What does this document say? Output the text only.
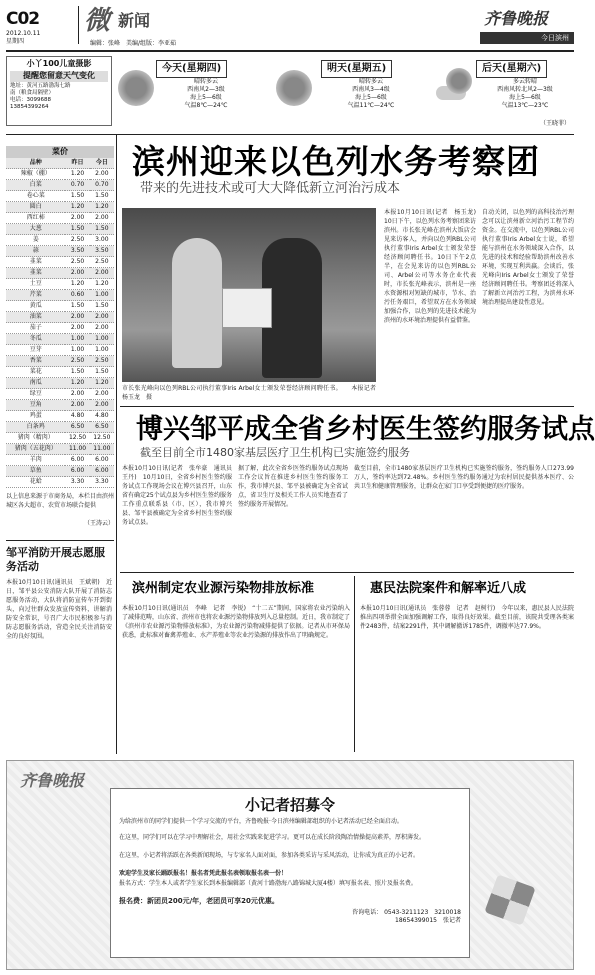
C02
2012.10.11
星期四
微 新闻
编辑：张峰　美编/组版：李亚茹
齐鲁晚报
今日滨州
小丫100儿童摄影
提醒您留意天气变化
地址：黄河五路渤海七路
南（粮食局隔壁）
电话：3099688
13854399264
今天(星期四)
晴转多云
西南风2—3级
海上5—6级
气温8℃—24℃
明天(星期五)
晴转多云
西南风3—4级
海上5—6级
气温11℃—24℃
后天(星期六)
多云转晴
西南风转北风2—3级
海上5—6级
气温13℃—23℃
（王晓菲）
菜价
品种	昨日	今日
辣椒（棚）	1.20	2.00
白菜	0.70	0.70
卷心菜	1.50	1.50
圆白	1.20	1.20
西红柿	2.00	2.00
大葱	1.50	1.50
姜	2.50	3.00
蒜	3.50	3.50
韭菜	2.50	2.50
韭菜	2.00	2.00
土豆	1.20	1.20
芹菜	0.60	1.00
黄瓜	1.50	1.50
油菜	2.00	2.00
茄子	2.00	2.00
冬瓜	1.00	1.00
豆芽	1.00	1.00
香菜	2.50	2.50
菜花	1.50	1.50
南瓜	1.20	1.20
绿豆	2.00	2.00
豆角	2.00	2.00
鸡蛋	4.80	4.80
白条鸡	6.50	6.50
猪肉（精肉）	12.50	12.50
猪肉（五花肉）	11.00	11.00
羊肉	6.00	6.00
草鱼	6.00	6.00
花蛤	3.30	3.30
以上信息来源于市商务局，本栏目由滨州城区各大超市、农贸市场联合提供
（王涛云）
邹平消防开展志愿服务活动
本报10月10日讯(通讯员　王斌朝)　近日，邹平县公安消防大队开展了消防志愿服务活动，大队将消防宣传车开到街头，向过往群众发放宣传资料，讲解消防安全常识，号召广大市民积极参与消防志愿服务活动，营造全民关注消防安全的良好氛围。
滨州迎来以色列水务考察团
带来的先进技术或可大大降低新立河治污成本
市长张光峰向以色列RBL公司执行董事Iris Arbel女士颁发荣誉经济顾问聘任书。　　本报记者　杨玉龙　摄
本报10月10日讯(记者　杨玉龙)　10日下午，以色列水务考察团来访滨州。市长张光峰在滨州大饭店会见来访客人，并向以色列RBL公司执行董事Iris Arbel女士颁发荣誉经济顾问聘任书。10日下午2点半，在会见来访的以色列RBL公司、Arbel公司等水务企业代表时，市长张光峰表示，滨州是一座水资源相对短缺的城市，节水、治污任务艰巨，希望双方在水务领域加强合作，以色列的先进技术能为滨州的水环境治理提供有益借鉴。
自动关闭，以色列的高科技治污理念可以让滨州新立河治污工程节约资金。在交流中，以色列RBL公司执行董事Iris Arbel女士说，希望能与滨州在水务领域深入合作，以先进的技术和经验帮助滨州改善水环境，实现互利共赢。会谈后，张光峰向Iris Arbel女士颁发了荣誉经济顾问聘任书。考察团还将深入了解新立河治污工程，为滨州水环境治理提出建设性意见。
博兴邹平成全省乡村医生签约服务试点
截至目前全市1480家基层医疗卫生机构已实施签约服务
本报10月10日讯(记者　张牟豪　通讯员　王丹)　10月10日，全省乡村医生签约服务试点工作现场会议在博兴县召开，山东省有确定25个试点县为乡村医生签约服务工作重点联系县（市、区），我市博兴县、邹平县被确定为全省乡村医生签约服务试点县。
据了解，此次全省乡医签约服务试点现场工作会议旨在推进乡村医生签约服务工作，我市博兴县、邹平县被确定为全省试点，省卫生厅及相关工作人员实地查看了签约服务开展情况。
截至目前，全市1480家基层医疗卫生机构已实施签约服务，签约服务人口273.99万人，签约率达到72.48%。乡村医生签约服务通过为农村居民提供基本医疗、公共卫生和健康管理服务，让群众在家门口享受到便捷的医疗服务。
滨州制定农业源污染物排放标准
本报10月10日讯(通讯员　李峰　记者　李锐)　“十二五”期间，国家将农业污染纳入了减排范畴，山东省、滨州市也将农业源污染物排放列入总量控制。近日，我市制定了《滨州市农业源污染物排放标准》，为农业源污染物减排提供了依据。记者从市环保局获悉，此标准对畜禽养殖业、水产养殖业等农业污染源的排放作出了明确规定。
惠民法院案件和解率近八成
本报10月10日讯(通讯员　张蓉蓉　记者　赵树行)　今年以来，惠民县人民法院推出四项举措全面加强调解工作，取得良好效果。截至目前，该院共受理各类案件2483件，结案2291件，其中调解撤诉1785件，调撤率达77.9%。
齐鲁晚报
小记者招募令
为给滨州市的同学们提供一个学习交流的平台，齐鲁晚报·今日滨州编辑部组织的小记者活动已经全面启动。
在这里，同学们可以在学习中理解社会，用社会实践来促进学习。更可以在成长阶段陶冶情操提高素养，厚积薄发。
在这里，小记者将活跃在各类新闻现场，与专家名人面对面，参加各类采访与采风活动，让你成为真正的小记者。
欢迎学生及家长踊跃报名！报名者凭此报名表领取报名表一份！
报名方式：学生本人或者学生家长到本报编辑部（黄河十路渤海八路锦城大厦4楼）填写报名表、照片及报名费。
报名费：新团员200元/年，老团员可享20元优惠。
咨询电话： 0543-3211123　3210018
18654399015　张记者
